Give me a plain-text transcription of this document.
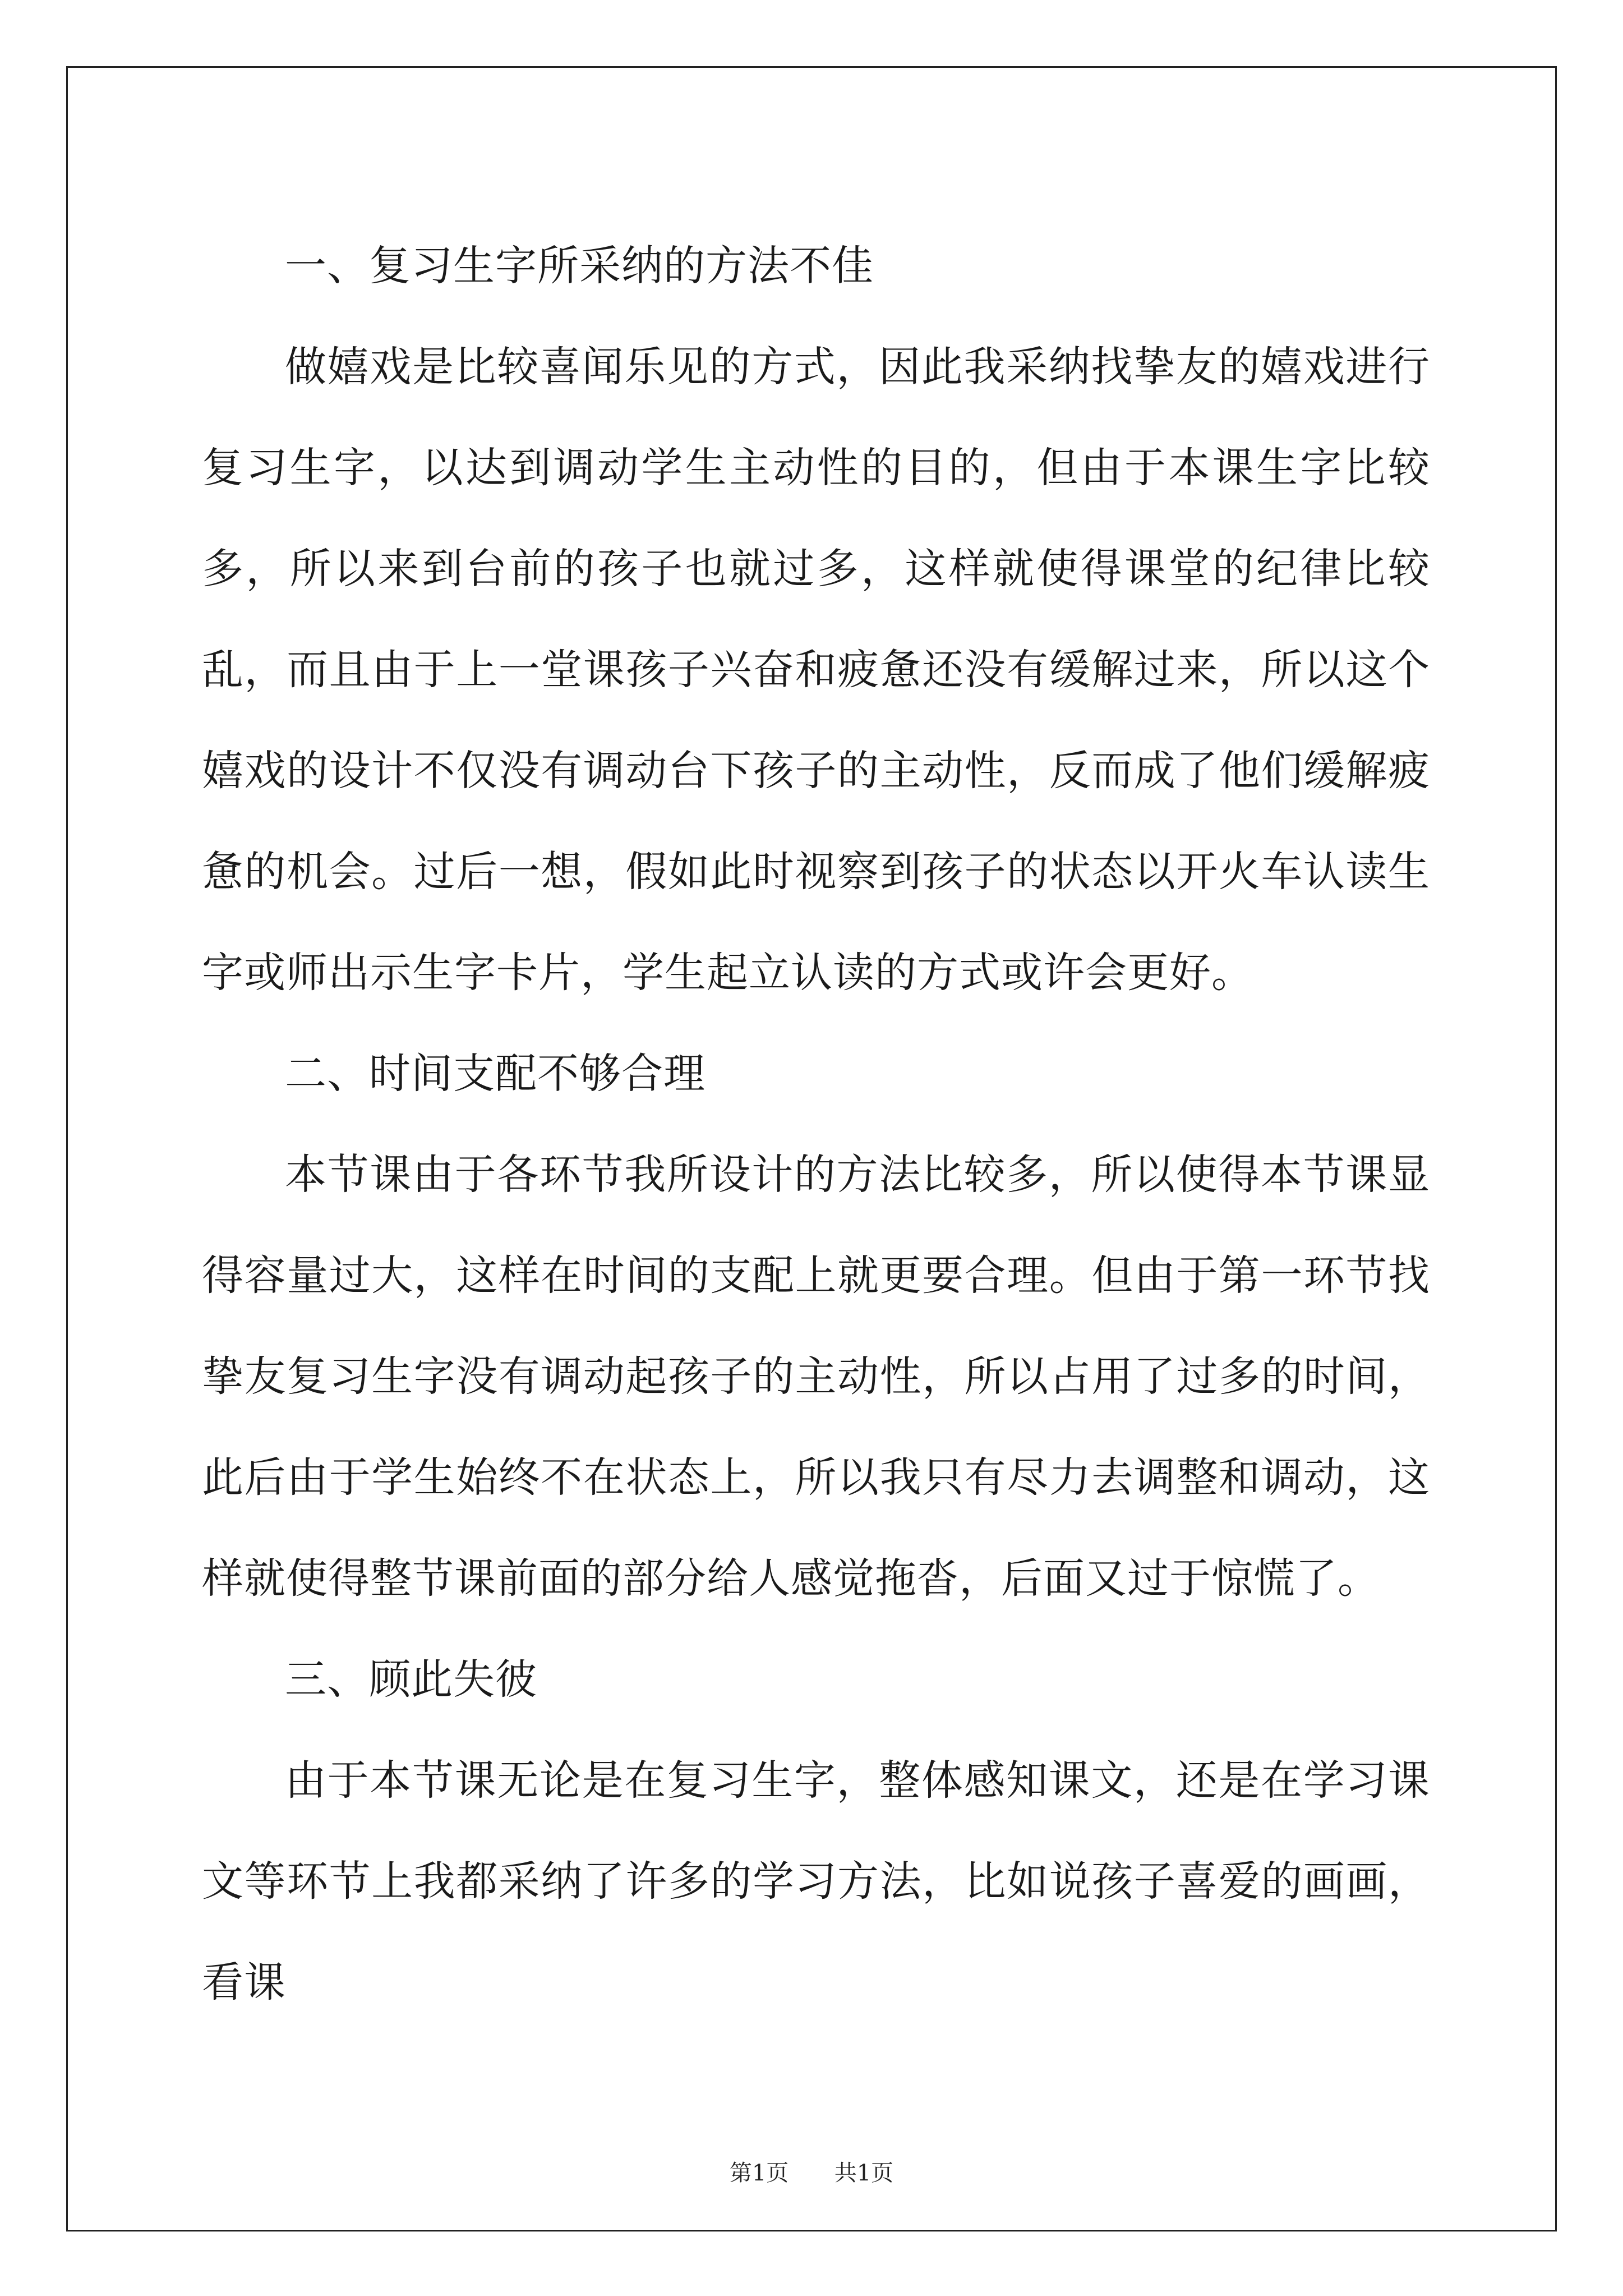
一、复习生字所采纳的方法不佳

做嬉戏是比较喜闻乐见的方式，因此我采纳找挚友的嬉戏进行复习生字，以达到调动学生主动性的目的，但由于本课生字比较多，所以来到台前的孩子也就过多，这样就使得课堂的纪律比较乱，而且由于上一堂课孩子兴奋和疲惫还没有缓解过来，所以这个嬉戏的设计不仅没有调动台下孩子的主动性，反而成了他们缓解疲惫的机会。过后一想，假如此时视察到孩子的状态以开火车认读生字或师出示生字卡片，学生起立认读的方式或许会更好。

二、时间支配不够合理

本节课由于各环节我所设计的方法比较多，所以使得本节课显得容量过大，这样在时间的支配上就更要合理。但由于第一环节找挚友复习生字没有调动起孩子的主动性，所以占用了过多的时间，此后由于学生始终不在状态上，所以我只有尽力去调整和调动，这样就使得整节课前面的部分给人感觉拖沓，后面又过于惊慌了。

三、顾此失彼

由于本节课无论是在复习生字，整体感知课文，还是在学习课文等环节上我都采纳了许多的学习方法，比如说孩子喜爱的画画，看课

第1页 共1页
